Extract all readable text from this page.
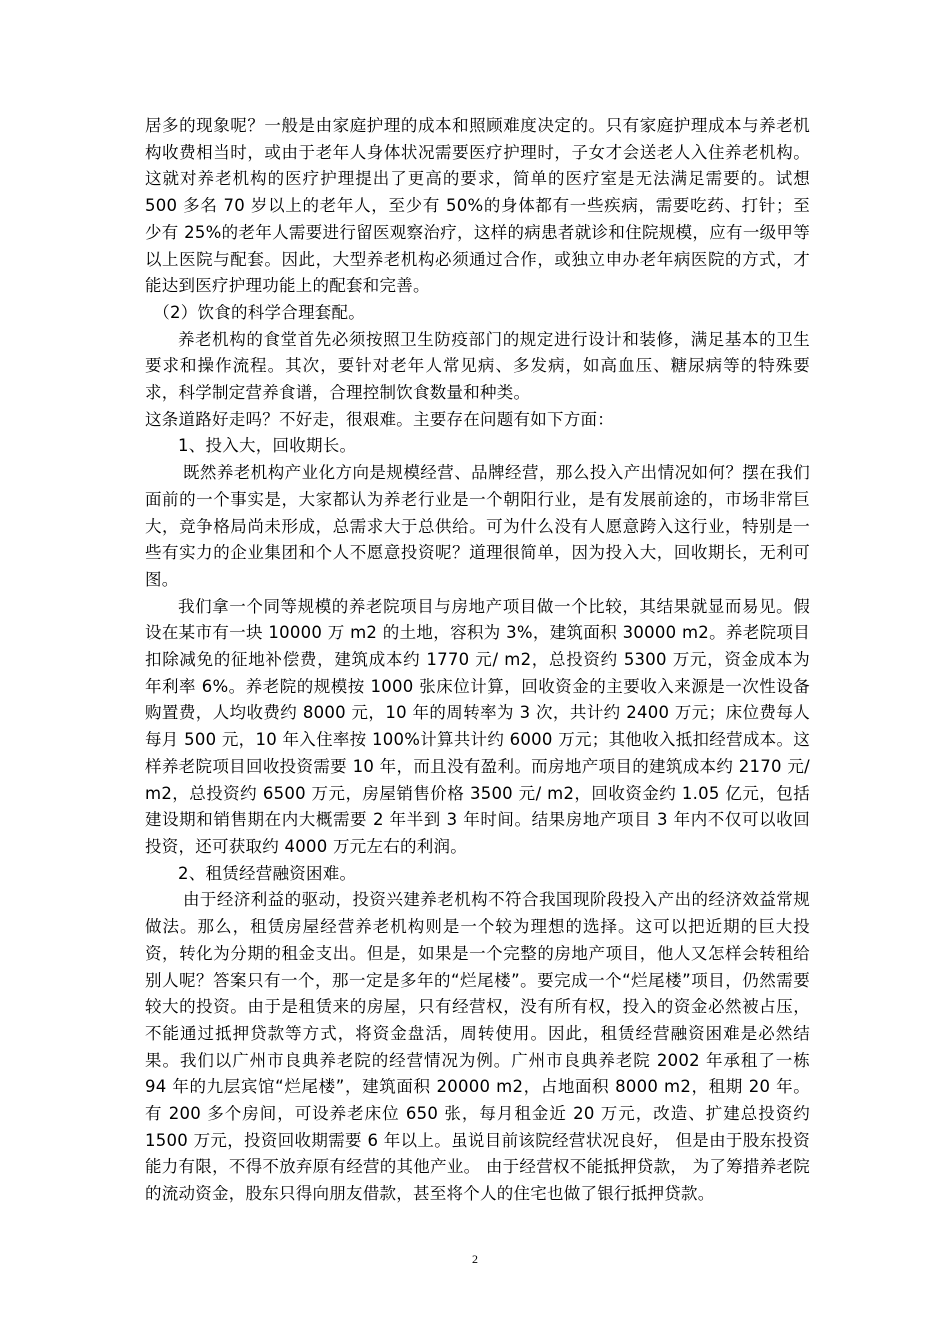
居多的现象呢？一般是由家庭护理的成本和照顾难度决定的。只有家庭护理成本与养老机构收费相当时，或由于老年人身体状况需要医疗护理时，子女才会送老人入住养老机构。这就对养老机构的医疗护理提出了更高的要求，简单的医疗室是无法满足需要的。试想 500 多名 70 岁以上的老年人，至少有 50%的身体都有一些疾病，需要吃药、打针；至少有 25%的老年人需要进行留医观察治疗，这样的病患者就诊和住院规模，应有一级甲等以上医院与配套。因此，大型养老机构必须通过合作，或独立申办老年病医院的方式，才能达到医疗护理功能上的配套和完善。

（2）饮食的科学合理套配。

养老机构的食堂首先必须按照卫生防疫部门的规定进行设计和装修，满足基本的卫生要求和操作流程。其次，要针对老年人常见病、多发病，如高血压、糖尿病等的特殊要求，科学制定营养食谱，合理控制饮食数量和种类。

这条道路好走吗？不好走，很艰难。主要存在问题有如下方面：

1、投入大，回收期长。

既然养老机构产业化方向是规模经营、品牌经营，那么投入产出情况如何？摆在我们面前的一个事实是，大家都认为养老行业是一个朝阳行业，是有发展前途的，市场非常巨大，竞争格局尚未形成，总需求大于总供给。可为什么没有人愿意跨入这行业，特别是一些有实力的企业集团和个人不愿意投资呢？道理很简单，因为投入大，回收期长，无利可图。

我们拿一个同等规模的养老院项目与房地产项目做一个比较，其结果就显而易见。假设在某市有一块 10000 万 m2 的土地，容积为 3%，建筑面积 30000 m2。养老院项目扣除减免的征地补偿费，建筑成本约 1770 元/ m2，总投资约 5300 万元，资金成本为年利率 6%。养老院的规模按 1000 张床位计算，回收资金的主要收入来源是一次性设备购置费，人均收费约 8000 元，10 年的周转率为 3 次，共计约 2400 万元；床位费每人每月 500 元，10 年入住率按 100%计算共计约 6000 万元；其他收入抵扣经营成本。这样养老院项目回收投资需要 10 年，而且没有盈利。而房地产项目的建筑成本约 2170 元/ m2，总投资约 6500 万元，房屋销售价格 3500 元/ m2，回收资金约 1.05 亿元，包括建设期和销售期在内大概需要 2 年半到 3 年时间。结果房地产项目 3 年内不仅可以收回投资，还可获取约 4000 万元左右的利润。

2、租赁经营融资困难。

由于经济利益的驱动，投资兴建养老机构不符合我国现阶段投入产出的经济效益常规做法。那么，租赁房屋经营养老机构则是一个较为理想的选择。这可以把近期的巨大投资，转化为分期的租金支出。但是，如果是一个完整的房地产项目，他人又怎样会转租给别人呢？答案只有一个，那一定是多年的“烂尾楼”。要完成一个“烂尾楼”项目，仍然需要较大的投资。由于是租赁来的房屋，只有经营权，没有所有权，投入的资金必然被占压，不能通过抵押贷款等方式，将资金盘活，周转使用。因此，租赁经营融资困难是必然结果。我们以广州市良典养老院的经营情况为例。广州市良典养老院 2002 年承租了一栋 94 年的九层宾馆“烂尾楼”，建筑面积 20000 m2，占地面积 8000 m2，租期 20 年。有 200 多个房间，可设养老床位 650 张，每月租金近 20 万元，改造、扩建总投资约 1500 万元，投资回收期需要 6 年以上。虽说目前该院经营状况良好， 但是由于股东投资能力有限，不得不放弃原有经营的其他产业。 由于经营权不能抵押贷款， 为了筹措养老院的流动资金，股东只得向朋友借款，甚至将个人的住宅也做了银行抵押贷款。

2
